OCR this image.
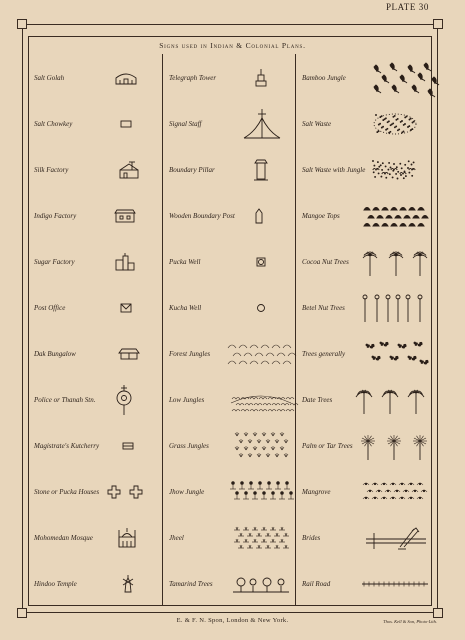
PLATE 30
Signs used in Indian & Colonial Plans.
Salt Golah
Salt Chowkey
Silk Factory
Indigo Factory
Sugar Factory
Post Office
Dak Bungalow
Police or Thanah Stn.
Magistrate's Kutcherry
Stone or Pucka Houses
Mohomedan Mosque
Hindoo Temple
Telegraph Tower
Signal Staff
Boundary Pillar
Wooden Boundary Post
Pucka Well
Kucha Well
Forest Jungles
Low Jungles
Grass Jungles
Jhow Jungle
Jheel
Tamarind Trees
Bamboo Jungle
Salt Waste
Salt Waste with Jungle
Mangoe Tops
Cocoa Nut Trees
Betel Nut Trees
Trees generally
Date Trees
Palm or Tar Trees
Mangrove
Brides
Rail Road
E. & F. N. Spon, London & New York.	Thos. Kell & Son, Photo-Lith.
